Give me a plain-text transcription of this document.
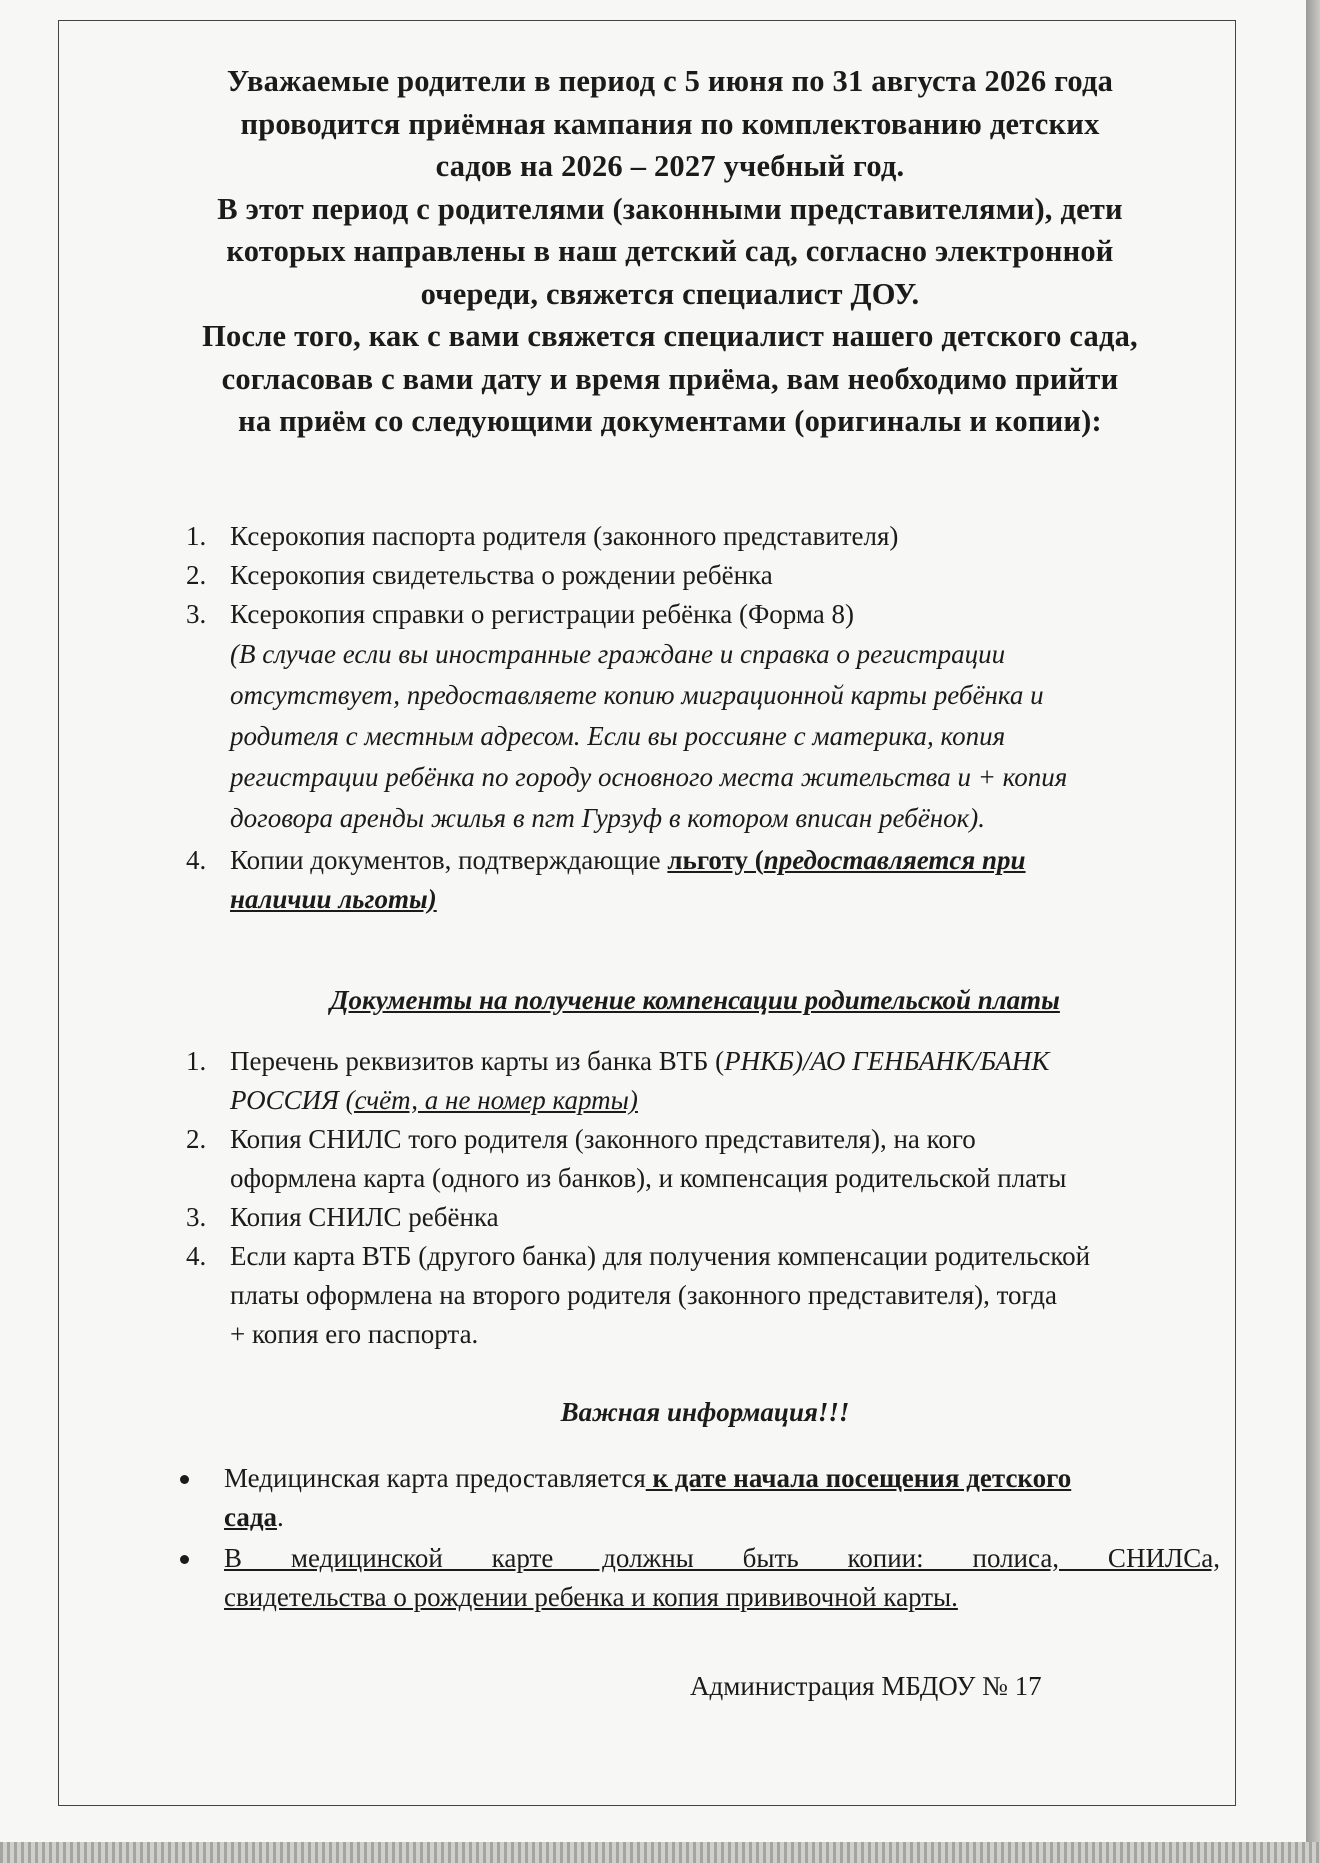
Уважаемые родители в период с 5 июня по 31 августа 2026 года

проводится приёмная кампания по комплектованию детских

садов на 2026 – 2027 учебный год.

В этот период с родителями (законными представителями), дети

которых направлены в наш детский сад, согласно электронной

очереди, свяжется специалист ДОУ.

После того, как с вами свяжется специалист нашего детского сада,

согласовав с вами дату и время приёма, вам необходимо прийти

на приём со следующими документами (оригиналы и копии):

1. Ксерокопия паспорта родителя (законного представителя)
2. Ксерокопия свидетельства о рождении ребёнка
3. Ксерокопия справки о регистрации ребёнка (Форма 8)
(В случае если вы иностранные граждане и справка о регистрации
отсутствует, предоставляете копию миграционной карты ребёнка и
родителя с местным адресом. Если вы россияне с материка, копия
регистрации ребёнка по городу основного места жительства и + копия
договора аренды жилья в пгт Гурзуф в котором вписан ребёнок).
4. Копии документов, подтверждающие льготу (предоставляется при
наличии льготы)
Документы на получение компенсации родительской платы
1. Перечень реквизитов карты из банка ВТБ (РНКБ)/АО ГЕНБАНК/БАНК
РОССИЯ (счёт, а не номер карты)
2. Копия СНИЛС того родителя (законного представителя), на кого
оформлена карта (одного из банков), и компенсация родительской платы
3. Копия СНИЛС ребёнка
4. Если карта ВТБ (другого банка) для получения компенсации родительской
платы оформлена на второго родителя (законного представителя), тогда
+ копия его паспорта.
Важная информация!!!
Медицинская карта предоставляется к дате начала посещения детского
сада.
В медицинской карте должны быть копии: полиса, СНИЛСа,
свидетельства о рождении ребенка и копия прививочной карты.
Администрация МБДОУ № 17
